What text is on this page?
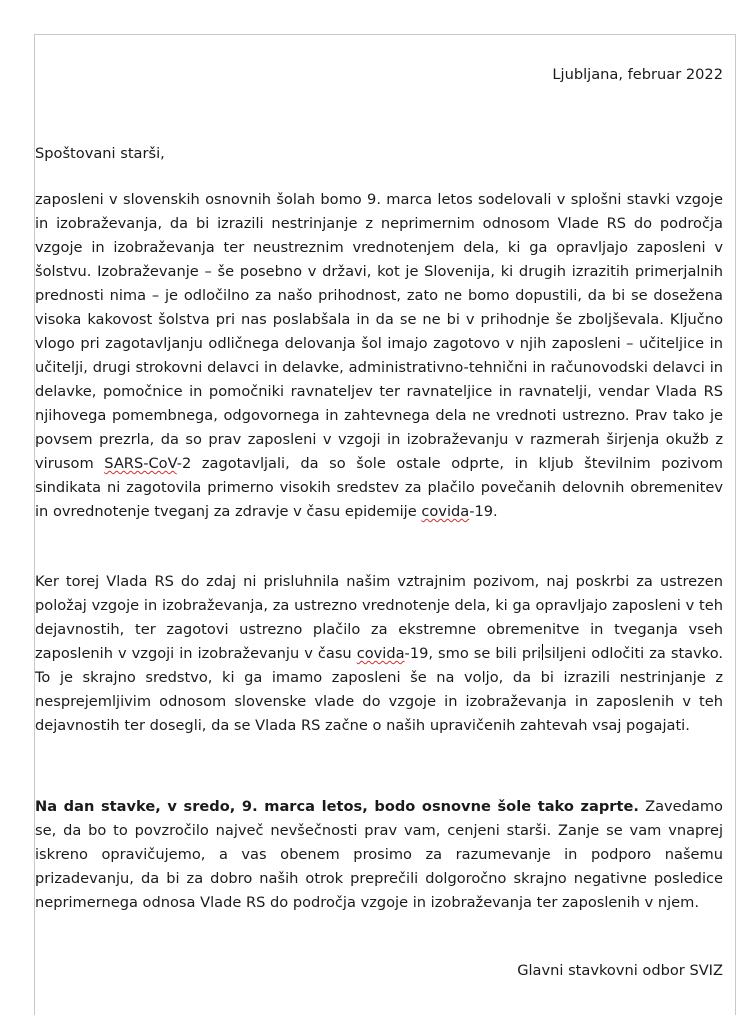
Ljubljana, februar 2022
Spoštovani starši,
zaposleni v slovenskih osnovnih šolah bomo 9. marca letos sodelovali v splošni stavki vzgoje in izobraževanja, da bi izrazili nestrinjanje z neprimernim odnosom Vlade RS do področja vzgoje in izobraževanja ter neustreznim vrednotenjem dela, ki ga opravljajo zaposleni v šolstvu. Izobraževanje – še posebno v državi, kot je Slovenija, ki drugih izrazitih primerjalnih prednosti nima – je odločilno za našo prihodnost, zato ne bomo dopustili, da bi se dosežena visoka kakovost šolstva pri nas poslabšala in da se ne bi v prihodnje še zboljševala. Ključno vlogo pri zagotavljanju odličnega delovanja šol imajo zagotovo v njih zaposleni – učiteljice in učitelji, drugi strokovni delavci in delavke, administrativno-tehnični in računovodski delavci in delavke, pomočnice in pomočniki ravnateljev ter ravnateljice in ravnatelji, vendar Vlada RS njihovega pomembnega, odgovornega in zahtevnega dela ne vrednoti ustrezno. Prav tako je povsem prezrla, da so prav zaposleni v vzgoji in izobraževanju v razmerah širjenja okužb z virusom SARS-CoV-2 zagotavljali, da so šole ostale odprte, in kljub številnim pozivom sindikata ni zagotovila primerno visokih sredstev za plačilo povečanih delovnih obremenitev in ovrednotenje tveganj za zdravje v času epidemije covida-19.
Ker torej Vlada RS do zdaj ni prisluhnila našim vztrajnim pozivom, naj poskrbi za ustrezen položaj vzgoje in izobraževanja, za ustrezno vrednotenje dela, ki ga opravljajo zaposleni v teh dejavnostih, ter zagotovi ustrezno plačilo za ekstremne obremenitve in tveganja vseh zaposlenih v vzgoji in izobraževanju v času covida-19, smo se bili pri siljeni odločiti za stavko. To je skrajno sredstvo, ki ga imamo zaposleni še na voljo, da bi izrazili nestrinjanje z nesprejemljivim odnosom slovenske vlade do vzgoje in izobraževanja in zaposlenih v teh dejavnostih ter dosegli, da se Vlada RS začne o naših upravičenih zahtevah vsaj pogajati.
Na dan stavke, v sredo, 9. marca letos, bodo osnovne šole tako zaprte. Zavedamo se, da bo to povzročilo največ nevšečnosti prav vam, cenjeni starši. Zanje se vam vnaprej iskreno opravičujemo, a vas obenem prosimo za razumevanje in podporo našemu prizadevanju, da bi za dobro naših otrok preprečili dolgoročno skrajno negativne posledice neprimernega odnosa Vlade RS do področja vzgoje in izobraževanja ter zaposlenih v njem.
Glavni stavkovni odbor SVIZ
